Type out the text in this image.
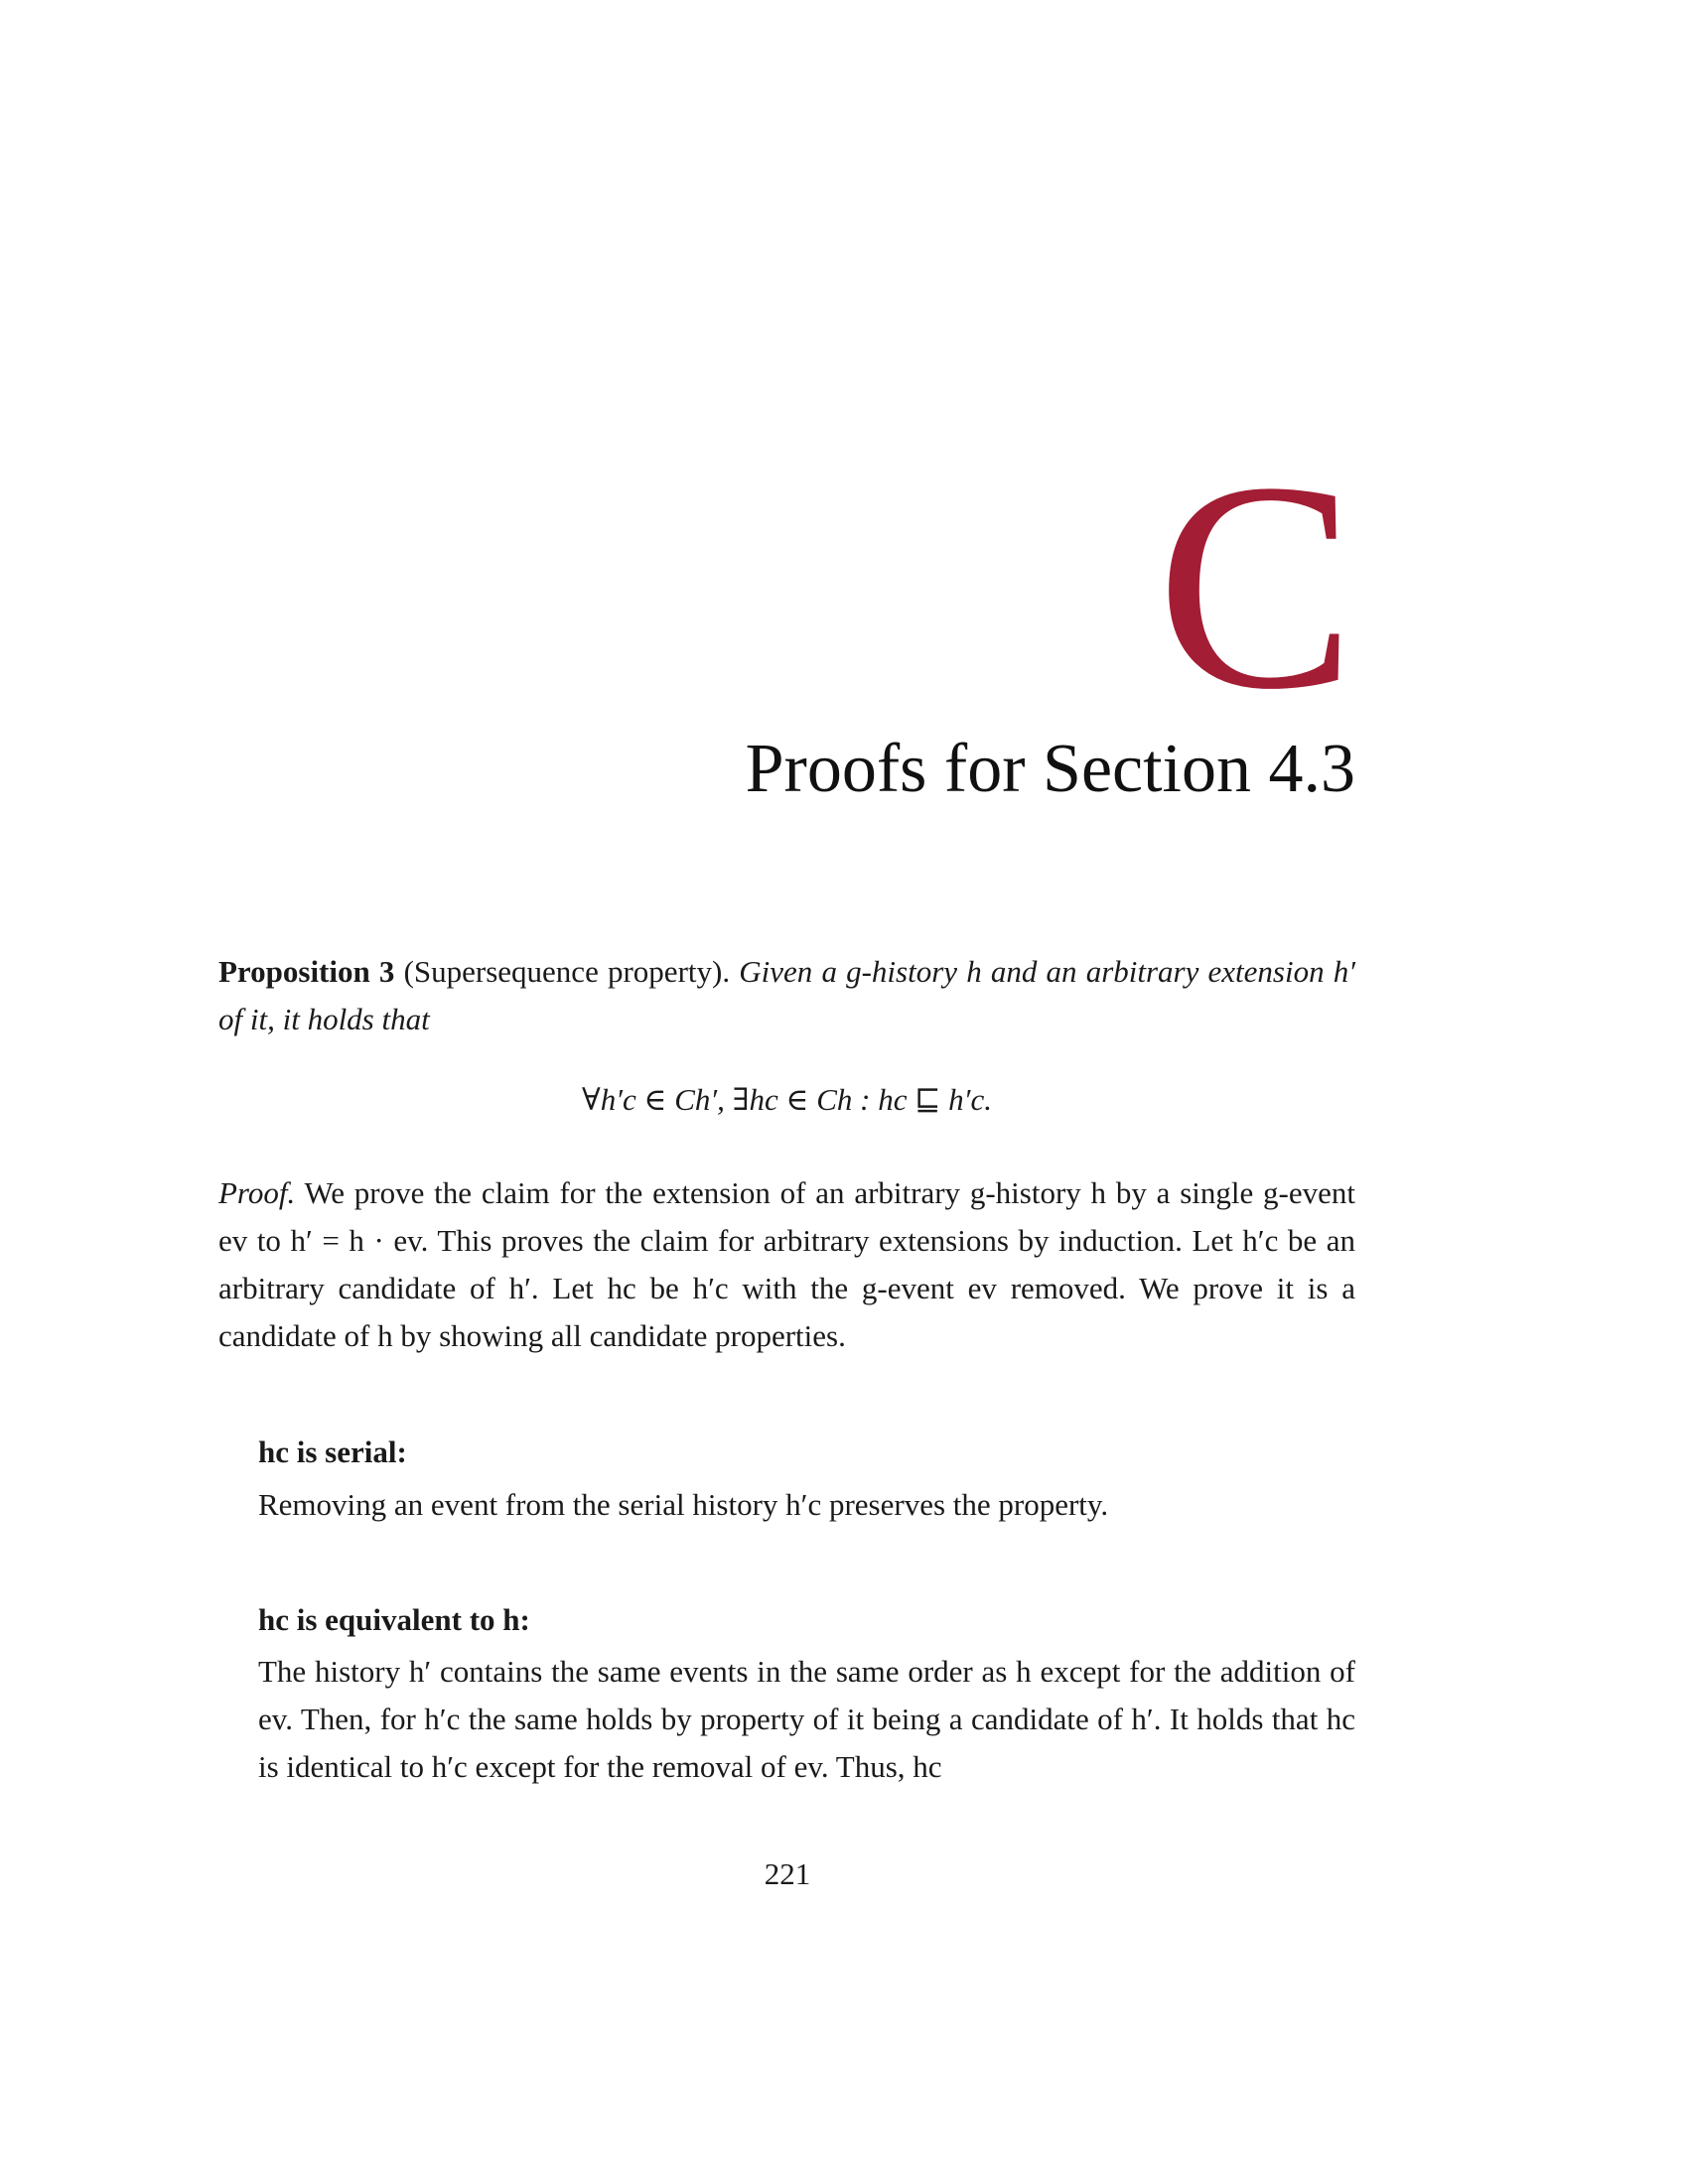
C
Proofs for Section 4.3
Proposition 3 (Supersequence property). Given a g-history h and an arbitrary extension h′ of it, it holds that
∀h′c ∈ Ch′, ∃hc ∈ Ch : hc ⊑ h′c.
Proof. We prove the claim for the extension of an arbitrary g-history h by a single g-event ev to h′ = h · ev. This proves the claim for arbitrary extensions by induction. Let h′c be an arbitrary candidate of h′. Let hc be h′c with the g-event ev removed. We prove it is a candidate of h by showing all candidate properties.
hc is serial:
Removing an event from the serial history h′c preserves the property.
hc is equivalent to h:
The history h′ contains the same events in the same order as h except for the addition of ev. Then, for h′c the same holds by property of it being a candidate of h′. It holds that hc is identical to h′c except for the removal of ev. Thus, hc
221
